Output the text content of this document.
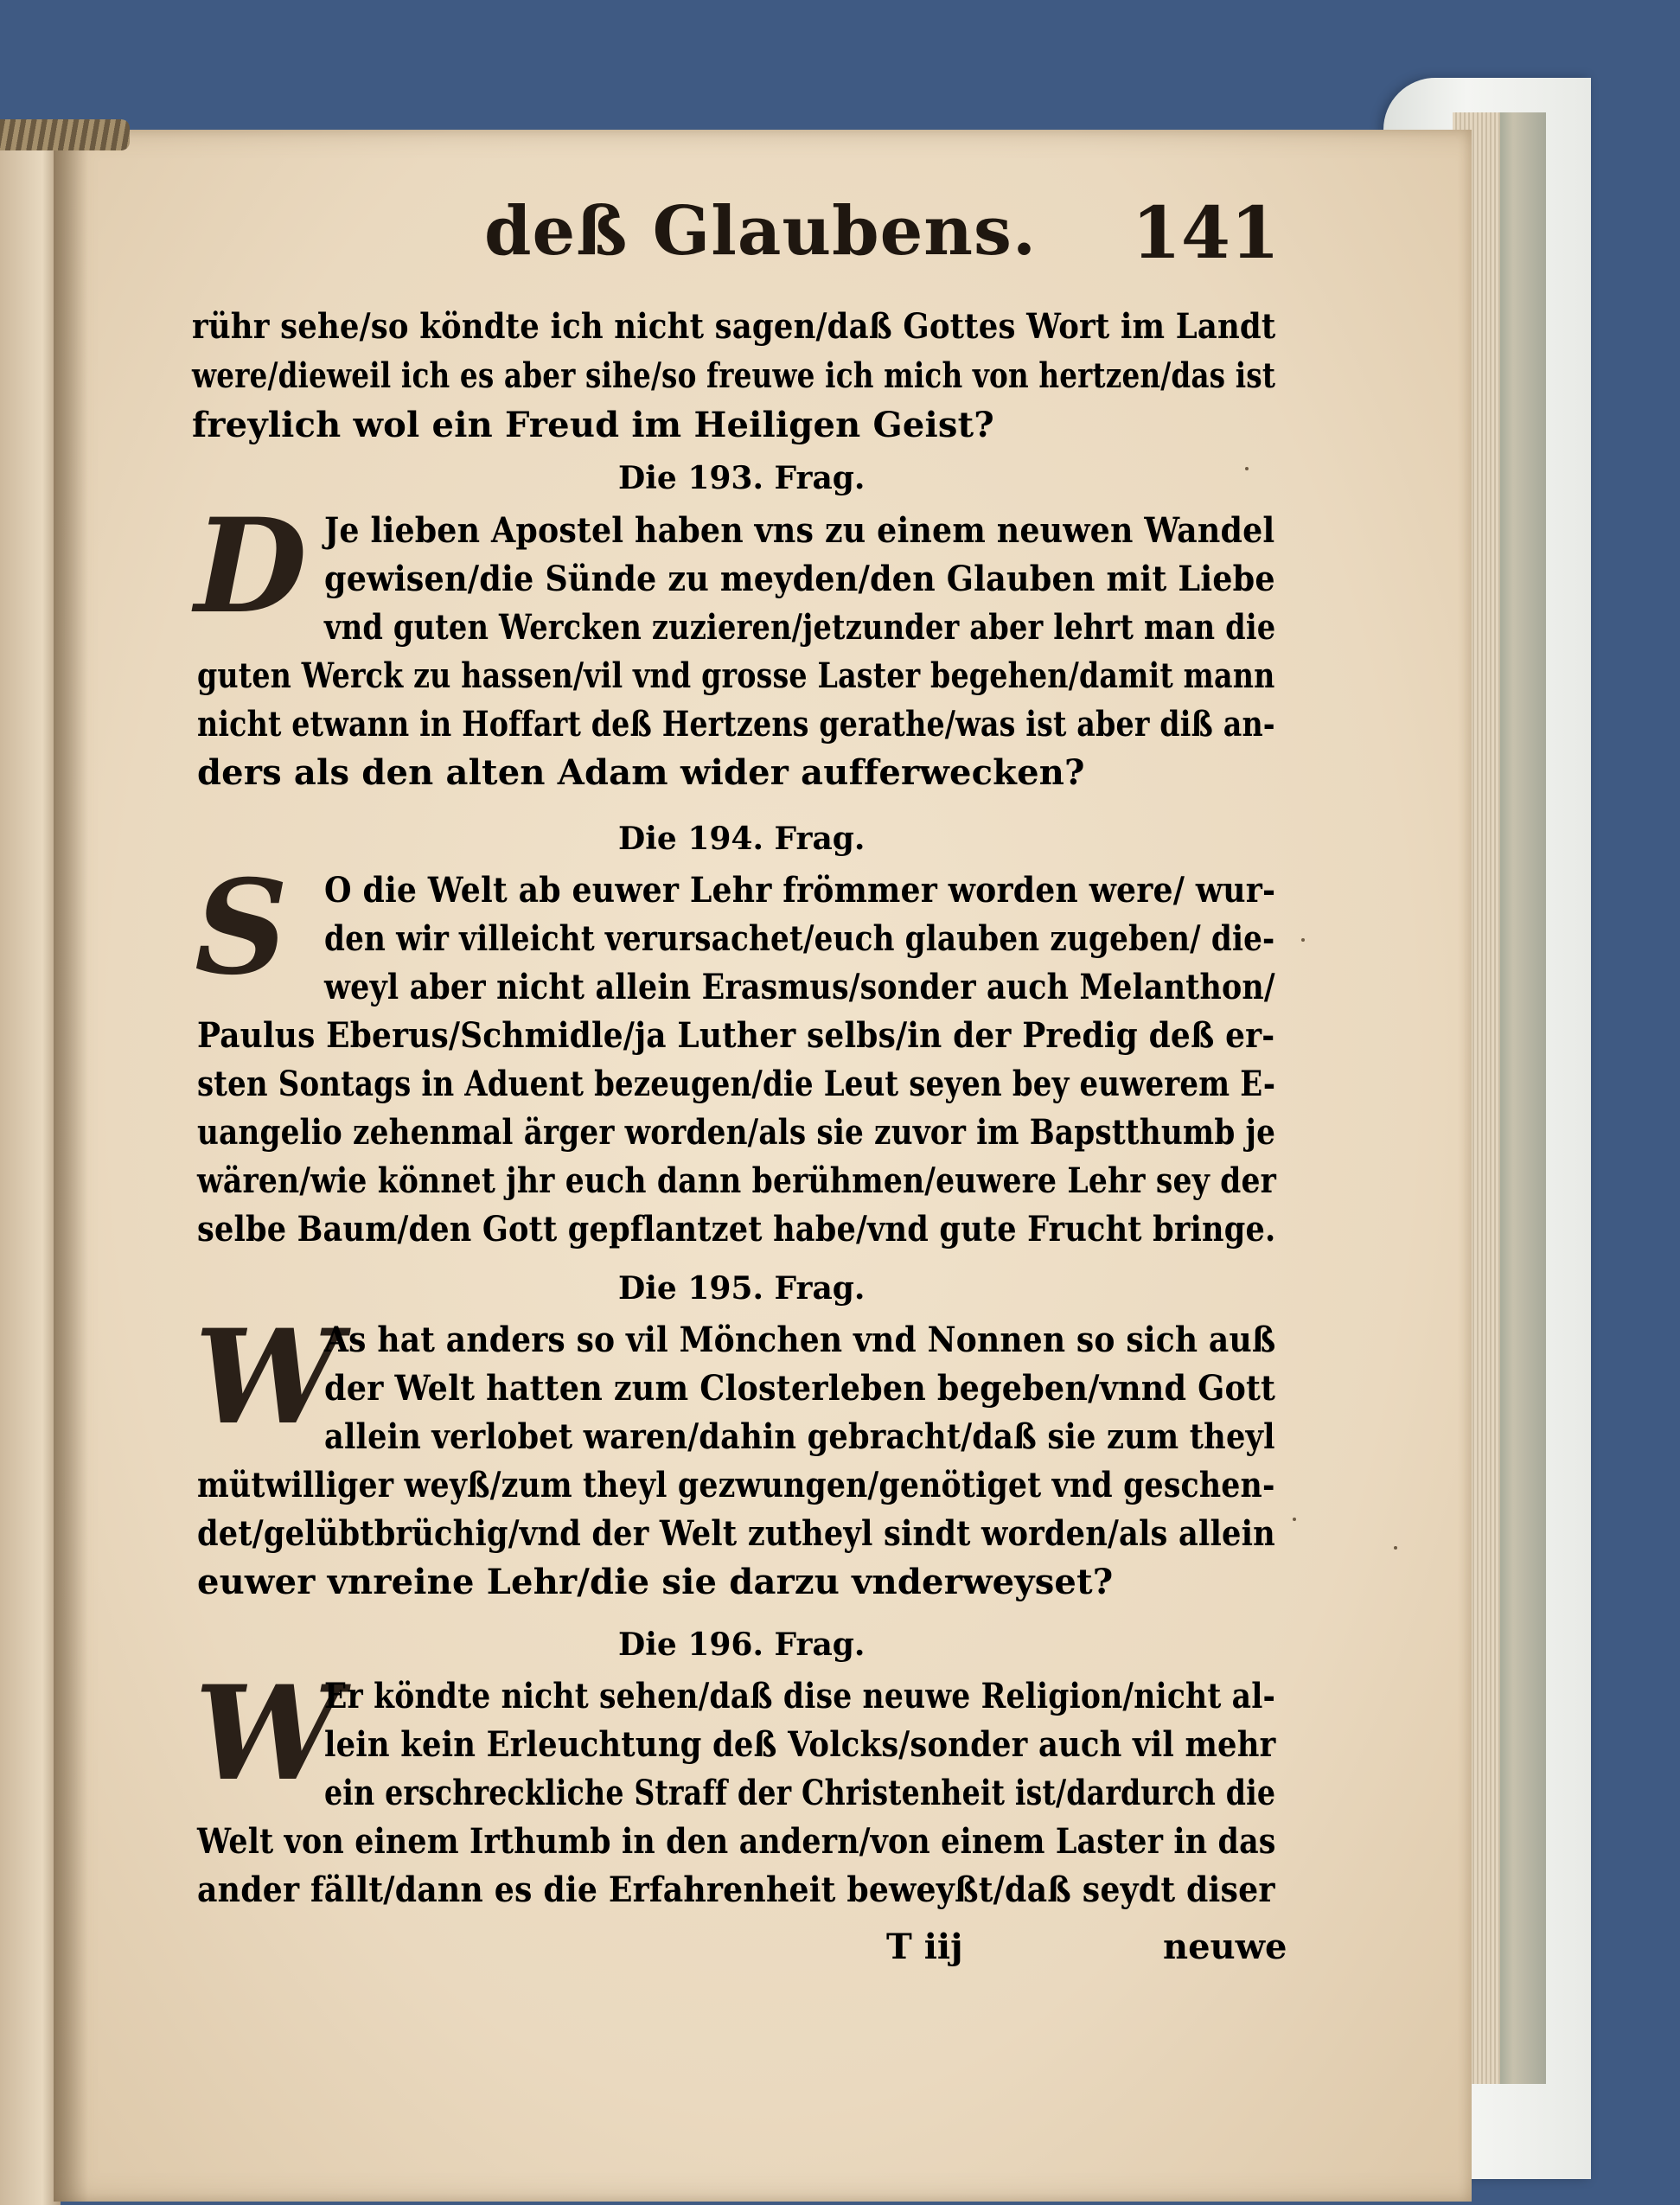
deß Glaubens. 141
rühr sehe/so köndte ich nicht sagen/daß Gottes Wort im Landt
were/dieweil ich es aber sihe/so freuwe ich mich von hertzen/das ist
freylich wol ein Freud im Heiligen Geist?
Die 193. Frag.
D Je lieben Apostel haben vns zu einem neuwen Wandel
gewisen/die Sünde zu meyden/den Glauben mit Liebe
vnd guten Wercken zuzieren/jetzunder aber lehrt man die
guten Werck zu hassen/vil vnd grosse Laster begehen/damit mann
nicht etwann in Hoffart deß Hertzens gerathe/was ist aber diß an-
ders als den alten Adam wider aufferwecken?
Die 194. Frag.
S O die Welt ab euwer Lehr frömmer worden were/ wur-
den wir villeicht verursachet/euch glauben zugeben/ die-
weyl aber nicht allein Erasmus/sonder auch Melanthon/
Paulus Eberus/Schmidle/ja Luther selbs/in der Predig deß er-
sten Sontags in Aduent bezeugen/die Leut seyen bey euwerem E-
uangelio zehenmal ärger worden/als sie zuvor im Bapstthumb je
wären/wie könnet jhr euch dann berühmen/euwere Lehr sey der
selbe Baum/den Gott gepflantzet habe/vnd gute Frucht bringe.
Die 195. Frag.
W
As hat anders so vil Mönchen vnd Nonnen so sich auß
der Welt hatten zum Closterleben begeben/vnnd Gott
allein verlobet waren/dahin gebracht/daß sie zum theyl
mütwilliger weyß/zum theyl gezwungen/genötiget vnd geschen-
det/gelübtbrüchig/vnd der Welt zutheyl sindt worden/als allein
euwer vnreine Lehr/die sie darzu vnderweyset?
Die 196. Frag.
W
Er köndte nicht sehen/daß dise neuwe Religion/nicht al-
lein kein Erleuchtung deß Volcks/sonder auch vil mehr
ein erschreckliche Straff der Christenheit ist/dardurch die
Welt von einem Irthumb in den andern/von einem Laster in das
ander fällt/dann es die Erfahrenheit beweyßt/daß seydt diser
T iij	neuwe
